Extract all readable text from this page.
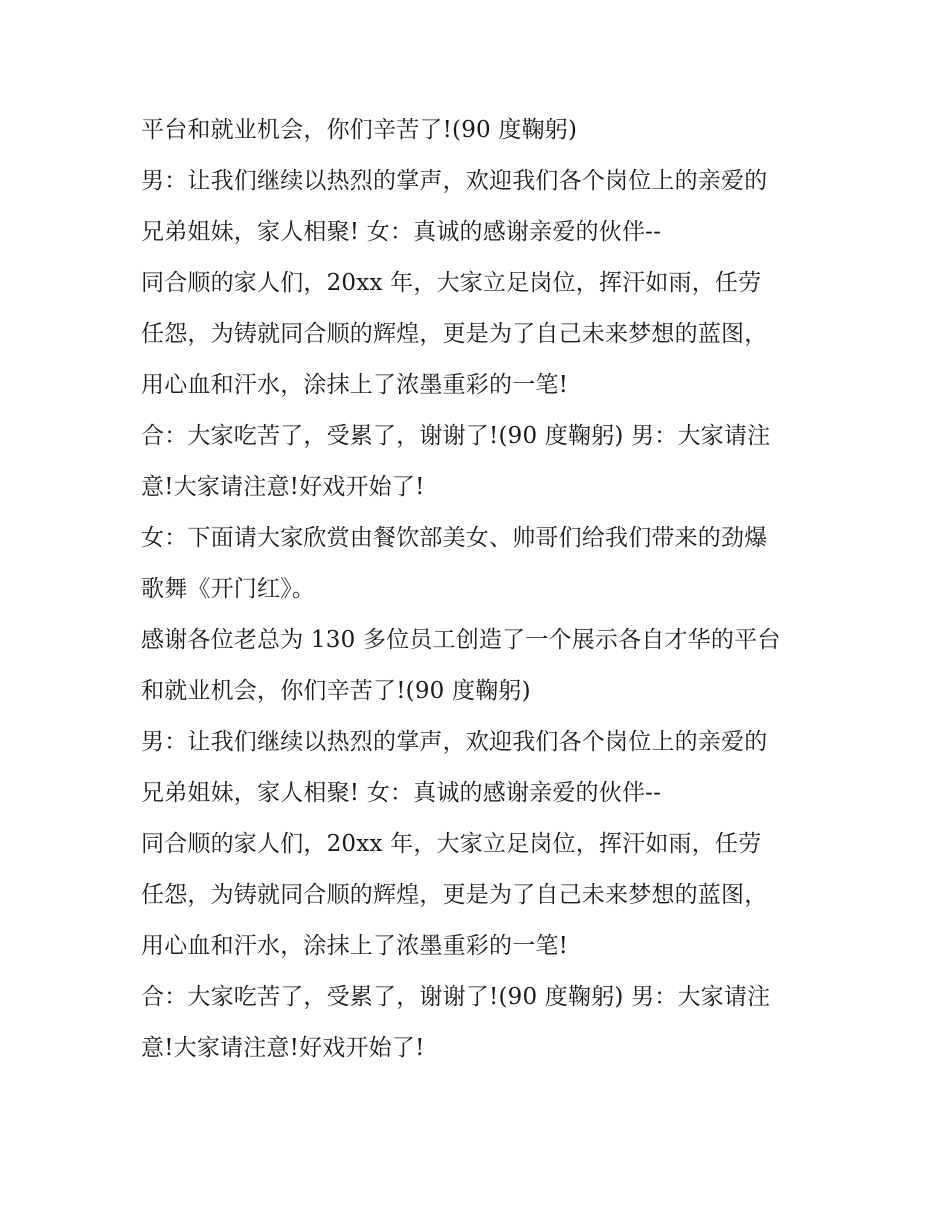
平台和就业机会，你们辛苦了!(90 度鞠躬)
男：让我们继续以热烈的掌声，欢迎我们各个岗位上的亲爱的
兄弟姐妹，家人相聚! 女：真诚的感谢亲爱的伙伴--
同合顺的家人们，20xx 年，大家立足岗位，挥汗如雨，任劳
任怨，为铸就同合顺的辉煌，更是为了自己未来梦想的蓝图，
用心血和汗水，涂抹上了浓墨重彩的一笔!
合：大家吃苦了，受累了，谢谢了!(90 度鞠躬) 男：大家请注
意!大家请注意!好戏开始了!
女：下面请大家欣赏由餐饮部美女、帅哥们给我们带来的劲爆
歌舞《开门红》。
感谢各位老总为 130 多位员工创造了一个展示各自才华的平台
和就业机会，你们辛苦了!(90 度鞠躬)
男：让我们继续以热烈的掌声，欢迎我们各个岗位上的亲爱的
兄弟姐妹，家人相聚! 女：真诚的感谢亲爱的伙伴--
同合顺的家人们，20xx 年，大家立足岗位，挥汗如雨，任劳
任怨，为铸就同合顺的辉煌，更是为了自己未来梦想的蓝图，
用心血和汗水，涂抹上了浓墨重彩的一笔!
合：大家吃苦了，受累了，谢谢了!(90 度鞠躬) 男：大家请注
意!大家请注意!好戏开始了!
